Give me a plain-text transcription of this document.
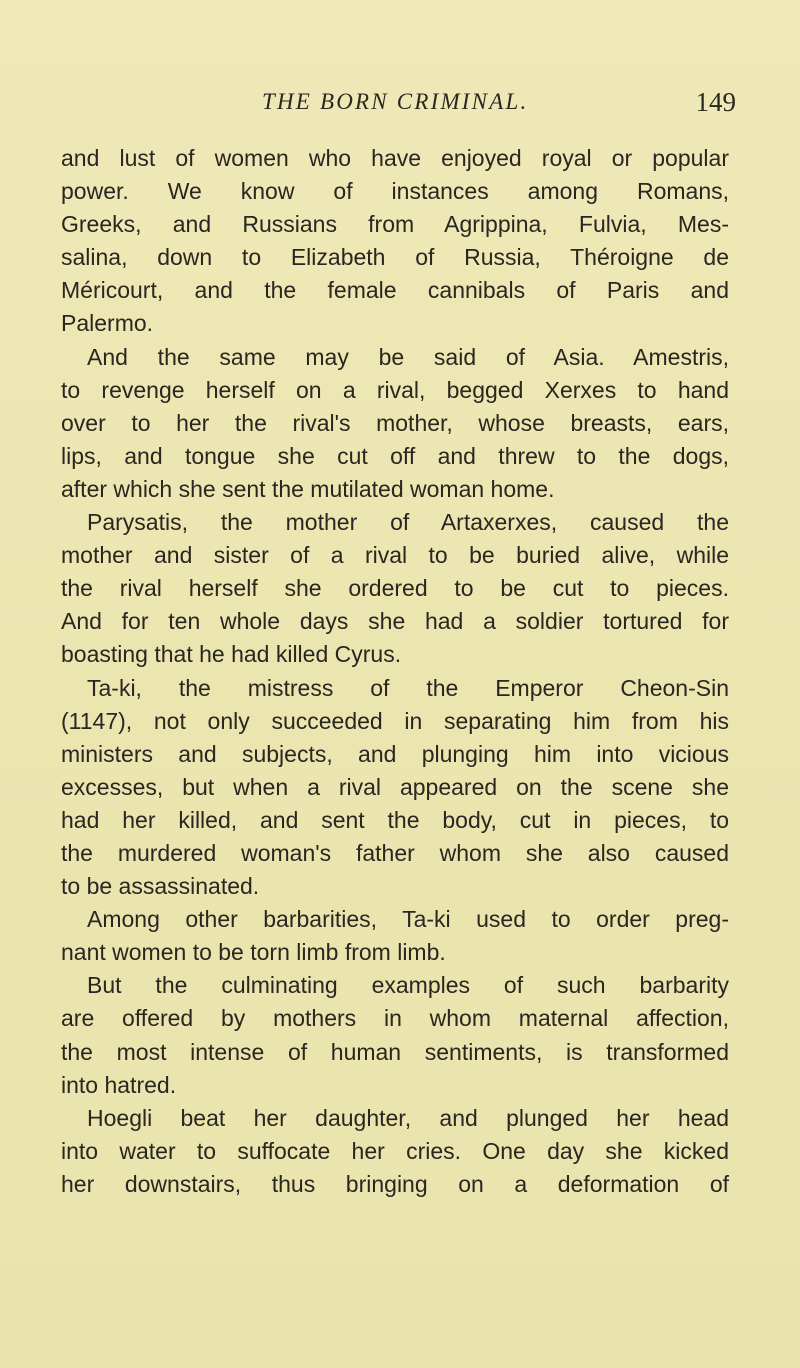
THE BORN CRIMINAL.	149
and lust of women who have enjoyed royal or popular
power. We know of instances among Romans,
Greeks, and Russians from Agrippina, Fulvia, Mes-
salina, down to Elizabeth of Russia, Théroigne de
Méricourt, and the female cannibals of Paris and
Palermo.
And the same may be said of Asia. Amestris,
to revenge herself on a rival, begged Xerxes to hand
over to her the rival's mother, whose breasts, ears,
lips, and tongue she cut off and threw to the dogs,
after which she sent the mutilated woman home.
Parysatis, the mother of Artaxerxes, caused the
mother and sister of a rival to be buried alive, while
the rival herself she ordered to be cut to pieces.
And for ten whole days she had a soldier tortured for
boasting that he had killed Cyrus.
Ta-ki, the mistress of the Emperor Cheon-Sin
(1147), not only succeeded in separating him from his
ministers and subjects, and plunging him into vicious
excesses, but when a rival appeared on the scene she
had her killed, and sent the body, cut in pieces, to
the murdered woman's father whom she also caused
to be assassinated.
Among other barbarities, Ta-ki used to order preg-
nant women to be torn limb from limb.
But the culminating examples of such barbarity
are offered by mothers in whom maternal affection,
the most intense of human sentiments, is transformed
into hatred.
Hoegli beat her daughter, and plunged her head
into water to suffocate her cries. One day she kicked
her downstairs, thus bringing on a deformation of
